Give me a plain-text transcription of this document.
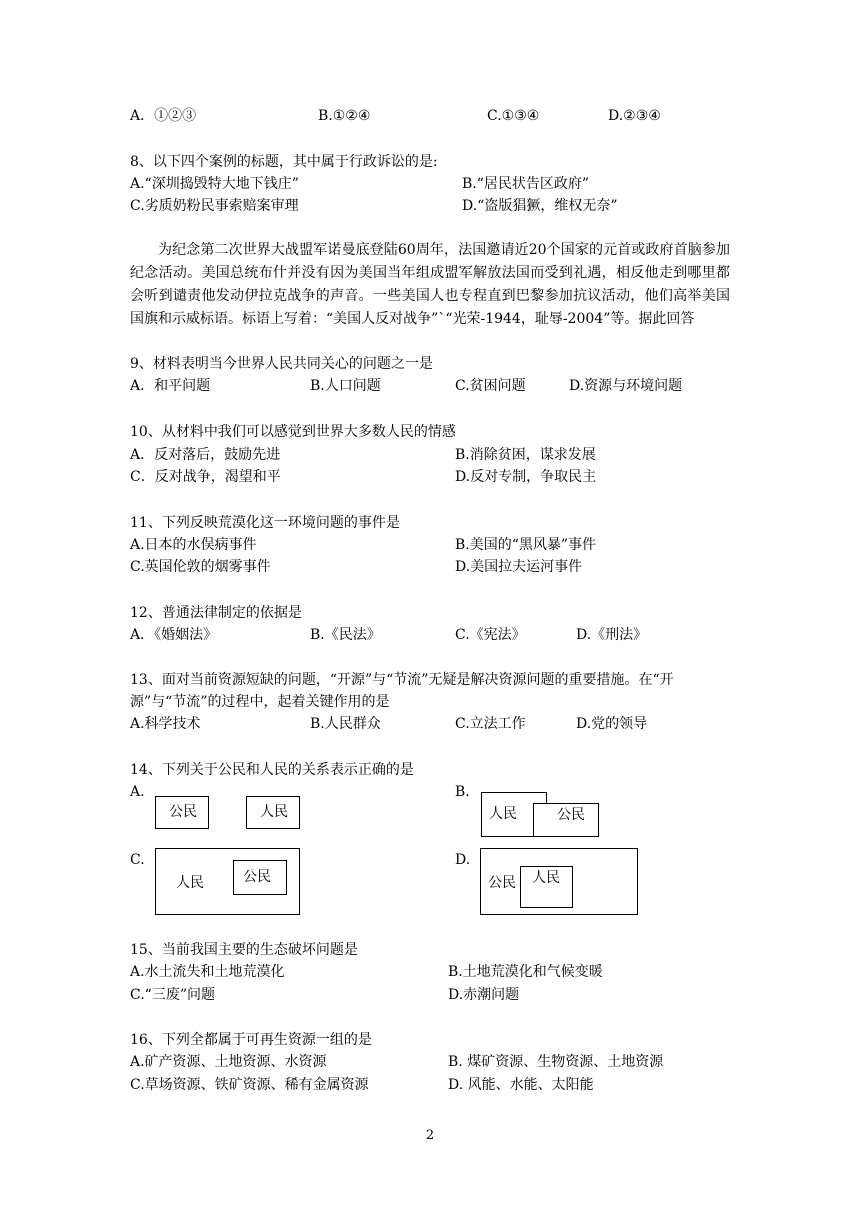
A．①②③	B.①②④	C.①③④	D.②③④
8、以下四个案例的标题，其中属于行政诉讼的是:
A.“深圳捣毁特大地下钱庄”	B.“居民状告区政府”
C.劣质奶粉民事索赔案审理	D.“盗版猖獗，维权无奈”
为纪念第二次世界大战盟军诺曼底登陆60周年，法国邀请近20个国家的元首或政府首脑参加纪念活动。美国总统布什并没有因为美国当年组成盟军解放法国而受到礼遇，相反他走到哪里都会听到谴责他发动伊拉克战争的声音。一些美国人也专程直到巴黎参加抗议活动，他们高举美国国旗和示威标语。标语上写着：“美国人反对战争”`“光荣-1944，耻辱-2004”等。据此回答
9、材料表明当今世界人民共同关心的问题之一是
A．和平问题	B.人口问题	C.贫困问题	D.资源与环境问题
10、从材料中我们可以感觉到世界大多数人民的情感
A．反对落后，鼓励先进	B.消除贫困，谋求发展
C．反对战争，渴望和平	D.反对专制，争取民主
11、下列反映荒漠化这一环境问题的事件是
A.日本的水俣病事件	B.美国的“黑风暴”事件
C.英国伦敦的烟雾事件	D.美国拉夫运河事件
12、普通法律制定的依据是
A．《婚姻法》	B.《民法》	C.《宪法》	D.《刑法》
13、面对当前资源短缺的问题，“开源”与“节流”无疑是解决资源问题的重要措施。在“开
源”与“节流”的过程中，起着关键作用的是
A.科学技术	B.人民群众	C.立法工作	D.党的领导
14、下列关于公民和人民的关系表示正确的是
A.	B.
C.	D.
公民	人民	人民	公民
人民	公民	公民 人民
15、当前我国主要的生态破坏问题是
A.水土流失和土地荒漠化	B.土地荒漠化和气候变暖
C.“三废”问题	D.赤潮问题
16、下列全都属于可再生资源一组的是
A.矿产资源、土地资源、水资源	B. 煤矿资源、生物资源、土地资源
C.草场资源、铁矿资源、稀有金属资源	D. 风能、水能、太阳能
2
